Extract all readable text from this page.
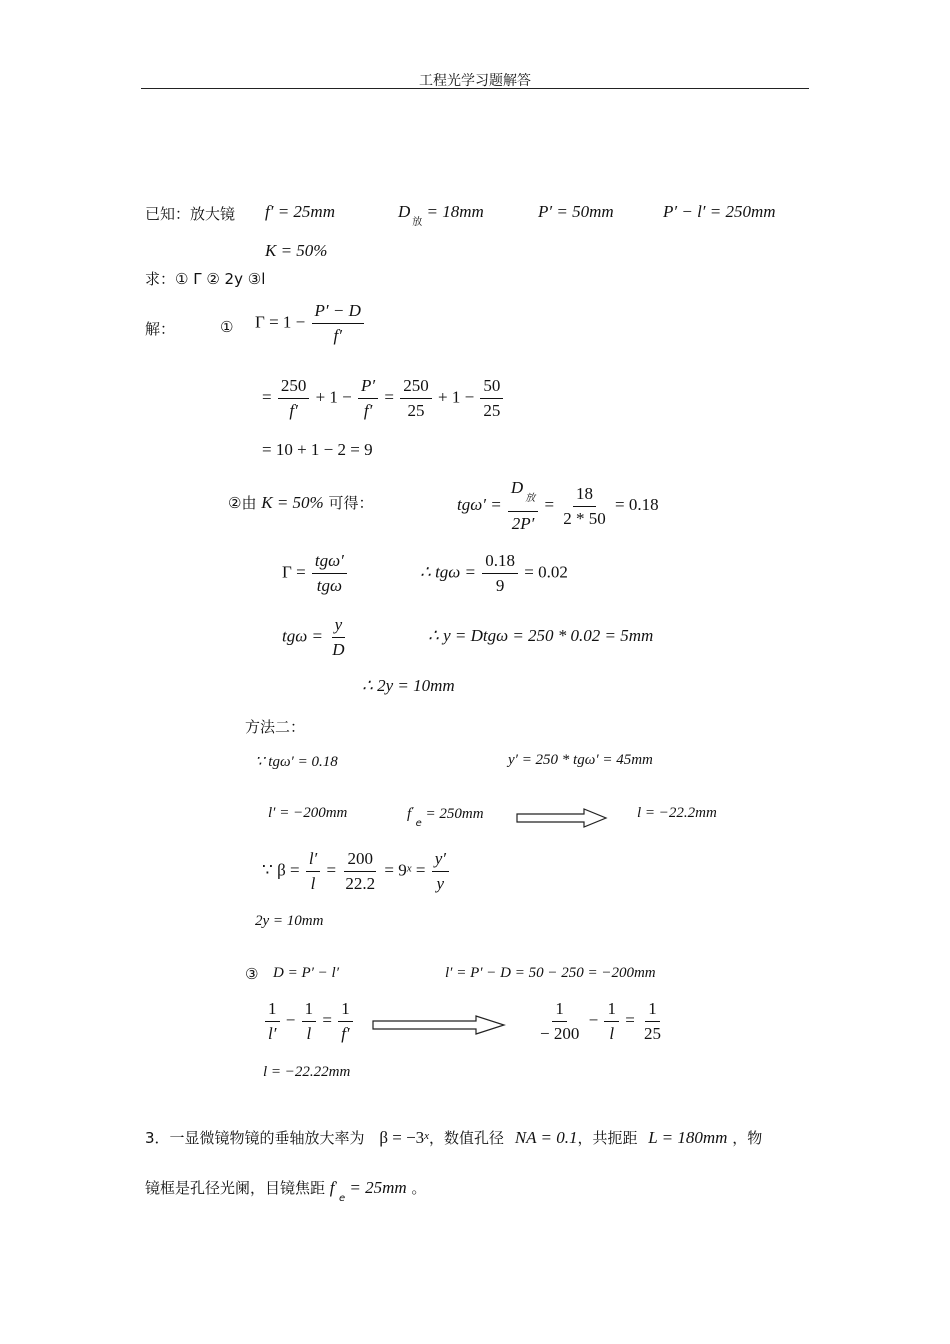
工程光学习题解答
已知：放大镜 f′ = 25mm	$D_放 = 18mm$	P′ = 50mm	P′ − l′ = 250mm
K = 50%
求：① Γ ② 2y ③l
解：	① $\Gamma = 1 - \frac{P' - D}{f'}$
= $\frac{250}{f'} + 1 - \frac{P'}{f'} = \frac{250}{25} + 1 - \frac{50}{25}$
= 10 + 1 − 2 = 9
②由 K = 50% 可得：	$tg\omega' = \frac{D_放}{2P'} = \frac{18}{2 * 50} = 0.18$
$\Gamma = \frac{\text{tgω′}}{\text{tgω}}$	∴ $tg\omega = \frac{0.18}{9} = 0.02$
$tg\omega = \frac{y}{D}$	∴ y = Dtgω = 250 * 0.02 = 5mm
∴ 2y = 10mm
方法二：
∵ tgω′ = 0.18	y′ = 250 * tgω′ = 45mm
l′ = −200mm	$f'_e = 250mm$	l = −22.2mm
∵ $\beta = \frac{l'}{l} = \frac{200}{22.2} = 9^x = \frac{y'}{y}$
2y = 10mm
③ D = P′ − l′	l′ = P′ − D = 50 − 250 = −200mm
$\frac{1}{l'} - \frac{1}{l} = \frac{1}{f'}$	$\frac{1}{- 200} - \frac{1}{l} = \frac{1}{25}$
l = −22.22mm
3．一显微镜物镜的垂轴放大率为 $\beta = -3^x$，数值孔径 NA = 0.1，共扼距 L = 180mm ，物
镜框是孔径光阑，目镜焦距 $f'_e = 25mm$ 。
